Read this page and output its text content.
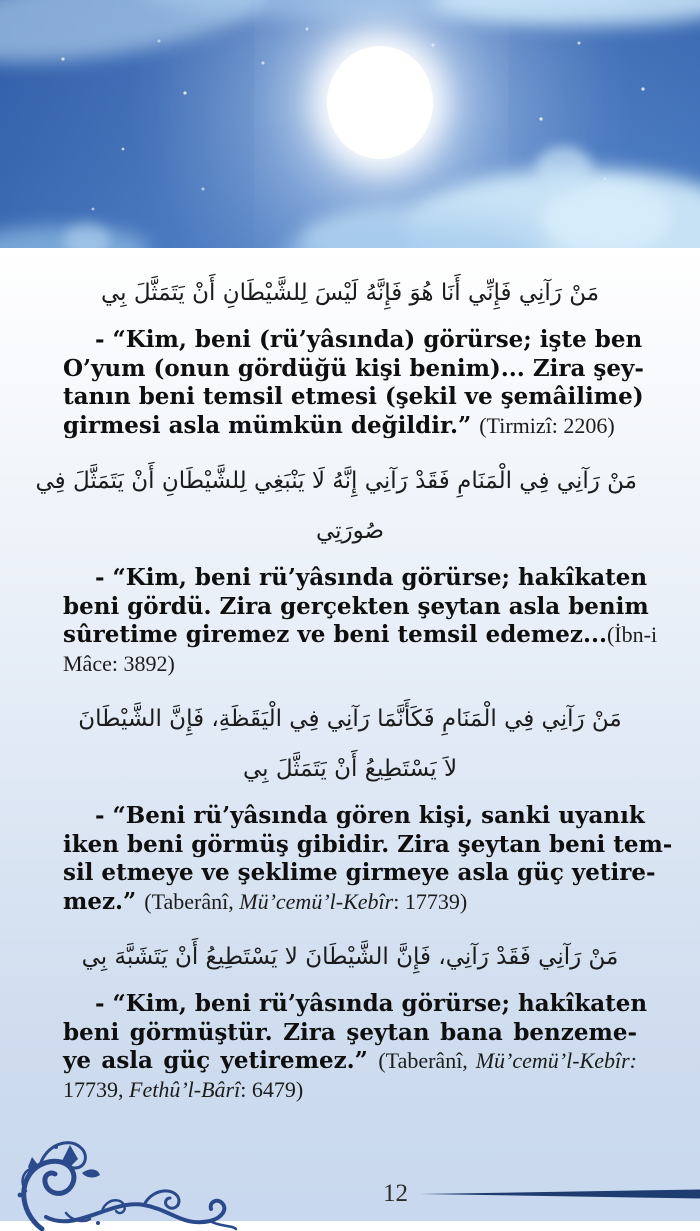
مَنْ رَآنِي فَإِنِّي أَنَا هُوَ فَإِنَّهُ لَيْسَ لِلشَّيْطَانِ أَنْ يَتَمَثَّلَ بِي

- “Kim, beni (rü’yâsında) görürse; işte ben
O’yum (onun gördüğü kişi benim)... Zira şey-
tanın beni temsil etmesi (şekil ve şemâilime)
girmesi asla mümkün değildir.” (Tirmizî: 2206)

مَنْ رَآنِي فِي الْمَنَامِ فَقَدْ رَآنِي إِنَّهُ لَا يَنْبَغِي لِلشَّيْطَانِ أَنْ يَتَمَثَّلَ فِي
صُورَتِي

- “Kim, beni rü’yâsında görürse; hakîkaten
beni gördü. Zira gerçekten şeytan asla benim
sûretime giremez ve beni temsil edemez...(İbn-i
Mâce: 3892)

مَنْ رَآنِي فِي الْمَنَامِ فَكَأَنَّمَا رَآنِي فِي الْيَقَظَةِ، فَإِنَّ الشَّيْطَانَ
لاَ يَسْتَطِيعُ أَنْ يَتَمَثَّلَ بِي

- “Beni rü’yâsında gören kişi, sanki uyanık
iken beni görmüş gibidir. Zira şeytan beni tem-
sil etmeye ve şeklime girmeye asla güç yetire-
mez.” (Taberânî, Mü’cemü’l-Kebîr: 17739)

مَنْ رَآنِي فَقَدْ رَآنِي، فَإِنَّ الشَّيْطَانَ لا يَسْتَطِيعُ أَنْ يَتَشَبَّهَ بِي

- “Kim, beni rü’yâsında görürse; hakîkaten
beni görmüştür. Zira şeytan bana benzeme-
ye asla güç yetiremez.” (Taberânî, Mü’cemü’l-Kebîr:
17739, Fethû’l-Bârî: 6479)

12
